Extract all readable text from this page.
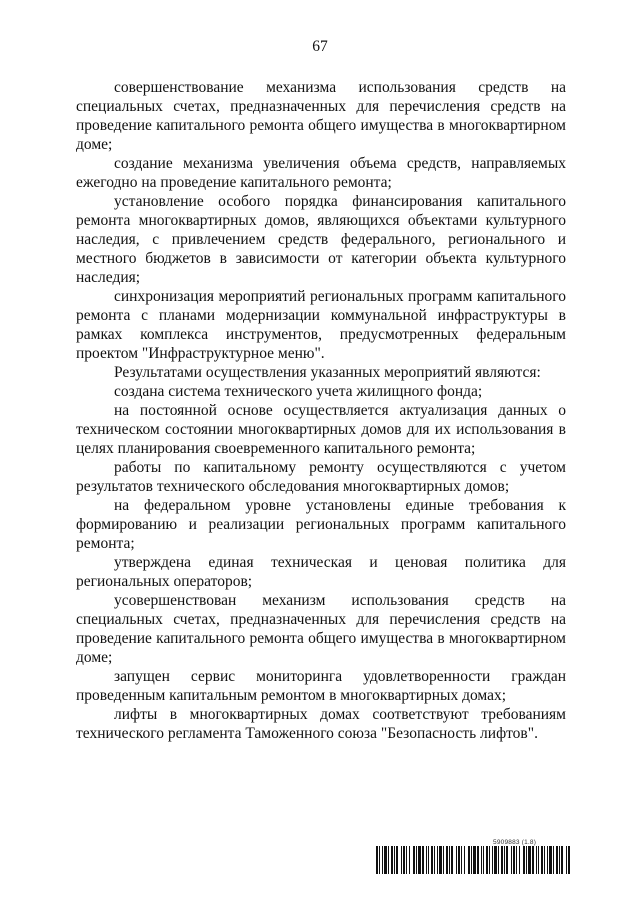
67

совершенствование механизма использования средств на специальных счетах, предназначенных для перечисления средств на проведение капитального ремонта общего имущества в многоквартирном доме;

создание механизма увеличения объема средств, направляемых ежегодно на проведение капитального ремонта;

установление особого порядка финансирования капитального ремонта многоквартирных домов, являющихся объектами культурного наследия, с привлечением средств федерального, регионального и местного бюджетов в зависимости от категории объекта культурного наследия;

синхронизация мероприятий региональных программ капитального ремонта с планами модернизации коммунальной инфраструктуры в рамках комплекса инструментов, предусмотренных федеральным проектом "Инфраструктурное меню".

Результатами осуществления указанных мероприятий являются:

создана система технического учета жилищного фонда;

на постоянной основе осуществляется актуализация данных о техническом состоянии многоквартирных домов для их использования в целях планирования своевременного капитального ремонта;

работы по капитальному ремонту осуществляются с учетом результатов технического обследования многоквартирных домов;

на федеральном уровне установлены единые требования к формированию и реализации региональных программ капитального ремонта;

утверждена единая техническая и ценовая политика для региональных операторов;

усовершенствован механизм использования средств на специальных счетах, предназначенных для перечисления средств на проведение капитального ремонта общего имущества в многоквартирном доме;

запущен сервис мониторинга удовлетворенности граждан проведенным капитальным ремонтом в многоквартирных домах;

лифты в многоквартирных домах соответствуют требованиям технического регламента Таможенного союза "Безопасность лифтов".

5909883 (1.8)
